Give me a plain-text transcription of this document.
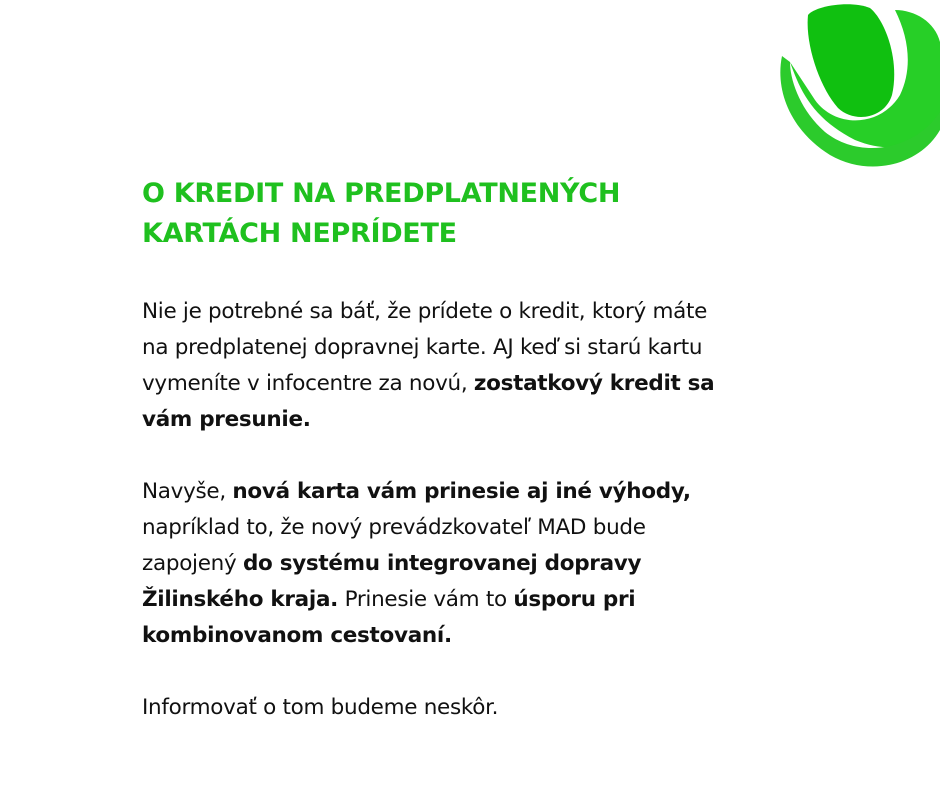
O KREDIT NA PREDPLATNENÝCH
KARTÁCH NEPRÍDETE

Nie je potrebné sa báť, že prídete o kredit, ktorý máte
na predplatenej dopravnej karte. AJ keď si starú kartu
vymeníte v infocentre za novú, zostatkový kredit sa
vám presunie.

Navyše, nová karta vám prinesie aj iné výhody,
napríklad to, že nový prevádzkovateľ MAD bude
zapojený do systému integrovanej dopravy
Žilinského kraja. Prinesie vám to úsporu pri
kombinovanom cestovaní.

Informovať o tom budeme neskôr.
